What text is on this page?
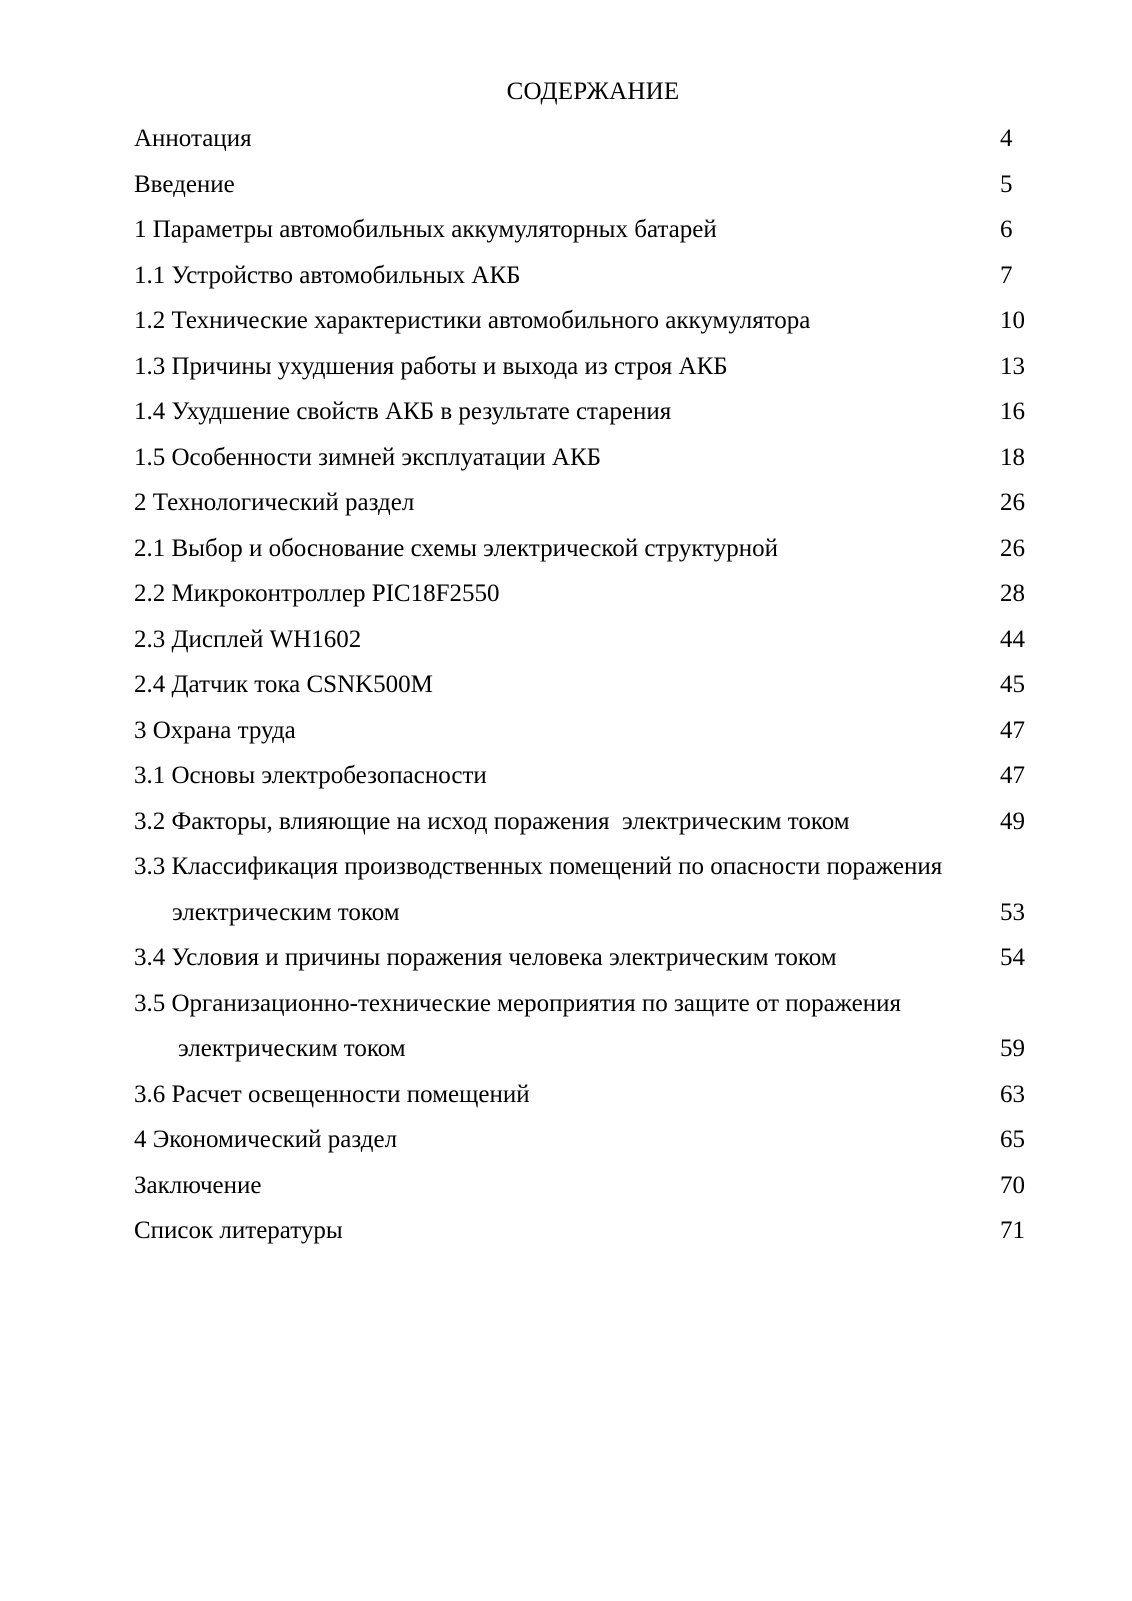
СОДЕРЖАНИЕ
Аннотация	4
Введение	5
1 Параметры автомобильных аккумуляторных батарей	6
1.1 Устройство автомобильных АКБ	7
1.2 Технические характеристики автомобильного аккумулятора	10
1.3 Причины ухудшения работы и выхода из строя АКБ	13
1.4 Ухудшение свойств АКБ в результате старения	16
1.5 Особенности зимней эксплуатации АКБ	18
2 Технологический раздел	26
2.1 Выбор и обоснование схемы электрической структурной	26
2.2 Микроконтроллер PIC18F2550	28
2.3 Дисплей WH1602	44
2.4 Датчик тока CSNK500M	45
3 Охрана труда	47
3.1 Основы электробезопасности	47
3.2 Факторы, влияющие на исход поражения  электрическим током	49
3.3 Классификация производственных помещений по опасности поражения
электрическим током	53
3.4 Условия и причины поражения человека электрическим током	54
3.5 Организационно-технические мероприятия по защите от поражения
электрическим током	59
3.6 Расчет освещенности помещений	63
4 Экономический раздел	65
Заключение	70
Список литературы	71
